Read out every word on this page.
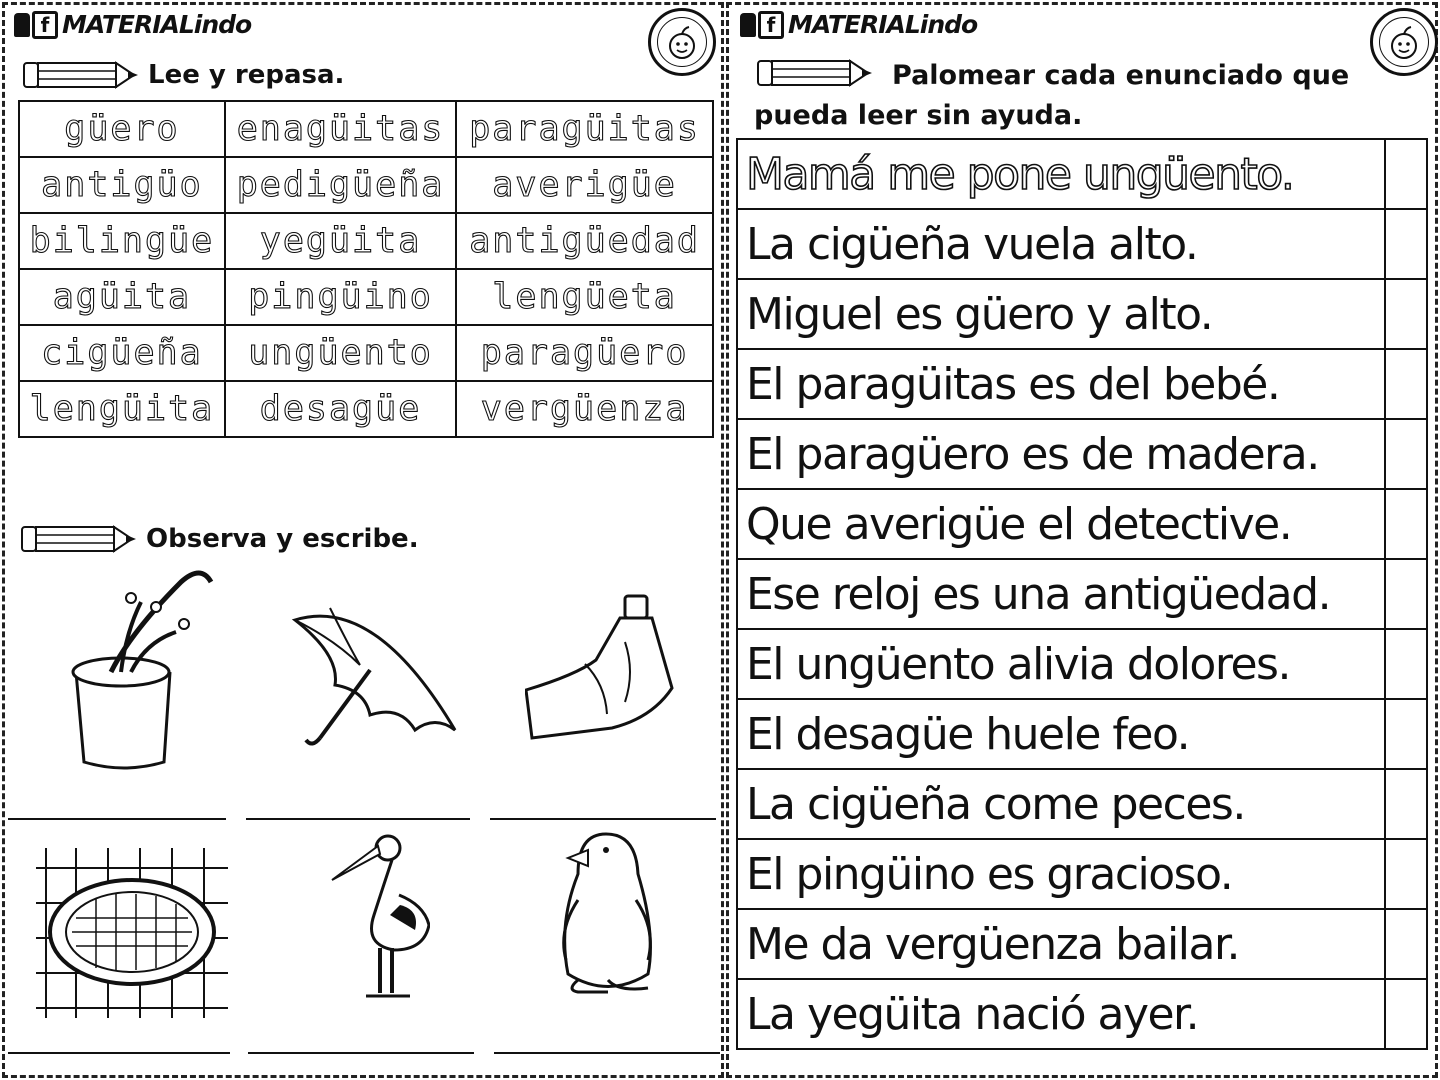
f MATERIALindo
Lee y repasa.
güero	enagüitas	paragüitas
antigüo	pedigüeña	averigüe
bilingüe	yegüita	antigüedad
agüita	pingüino	lengüeta
cigüeña	ungüento	paragüero
lengüita	desagüe	vergüenza
Observa y escribe.
f MATERIALindo
Palomear cada enunciado que pueda leer sin ayuda.
Mamá me pone ungüento.	
La cigüeña vuela alto.	
Miguel es güero y alto.	
El paragüitas es del bebé.	
El paragüero es de madera.	
Que averigüe el detective.	
Ese reloj es una antigüedad.	
El ungüento alivia dolores.	
El desagüe huele feo.	
La cigüeña come peces.	
El pingüino es gracioso.	
Me da vergüenza bailar.	
La yegüita nació ayer.	
